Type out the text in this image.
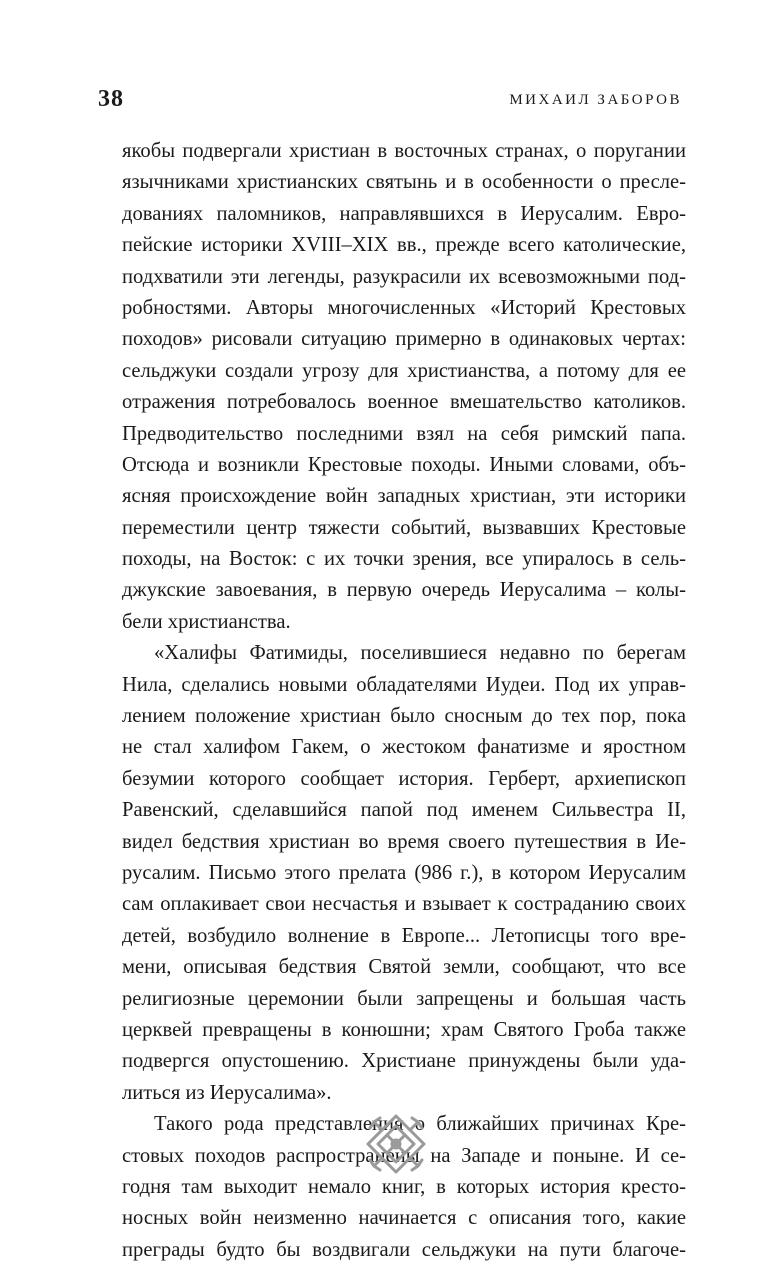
38	МИХАИЛ ЗАБОРОВ
якобы подвергали христиан в восточных странах, о поругании
язычниками христианских святынь и в особенности о пресле-
дованиях паломников, направлявшихся в Иерусалим. Евро-
пейские историки XVIII–XIX вв., прежде всего католические,
подхватили эти легенды, разукрасили их всевозможными под-
робностями. Авторы многочисленных «Историй Крестовых
походов» рисовали ситуацию примерно в одинаковых чертах:
сельджуки создали угрозу для христианства, а потому для ее
отражения потребовалось военное вмешательство католиков.
Предводительство последними взял на себя римский папа.
Отсюда и возникли Крестовые походы. Иными словами, объ-
ясняя происхождение войн западных христиан, эти историки
переместили центр тяжести событий, вызвавших Крестовые
походы, на Восток: с их точки зрения, все упиралось в сель-
джукские завоевания, в первую очередь Иерусалима – колы-
бели христианства.
«Халифы Фатимиды, поселившиеся недавно по берегам
Нила, сделались новыми обладателями Иудеи. Под их управ-
лением положение христиан было сносным до тех пор, пока
не стал халифом Гакем, о жестоком фанатизме и яростном
безумии которого сообщает история. Герберт, архиепископ
Равенский, сделавшийся папой под именем Сильвестра II,
видел бедствия христиан во время своего путешествия в Ие-
русалим. Письмо этого прелата (986 г.), в котором Иерусалим
сам оплакивает свои несчастья и взывает к состраданию своих
детей, возбудило волнение в Европе... Летописцы того вре-
мени, описывая бедствия Святой земли, сообщают, что все
религиозные церемонии были запрещены и большая часть
церквей превращены в конюшни; храм Святого Гроба также
подвергся опустошению. Христиане принуждены были уда-
литься из Иерусалима».
Такого рода представления о ближайших причинах Кре-
стовых походов распространены на Западе и поныне. И се-
годня там выходит немало книг, в которых история кресто-
носных войн неизменно начинается с описания того, какие
преграды будто бы воздвигали сельджуки на пути благоче-
